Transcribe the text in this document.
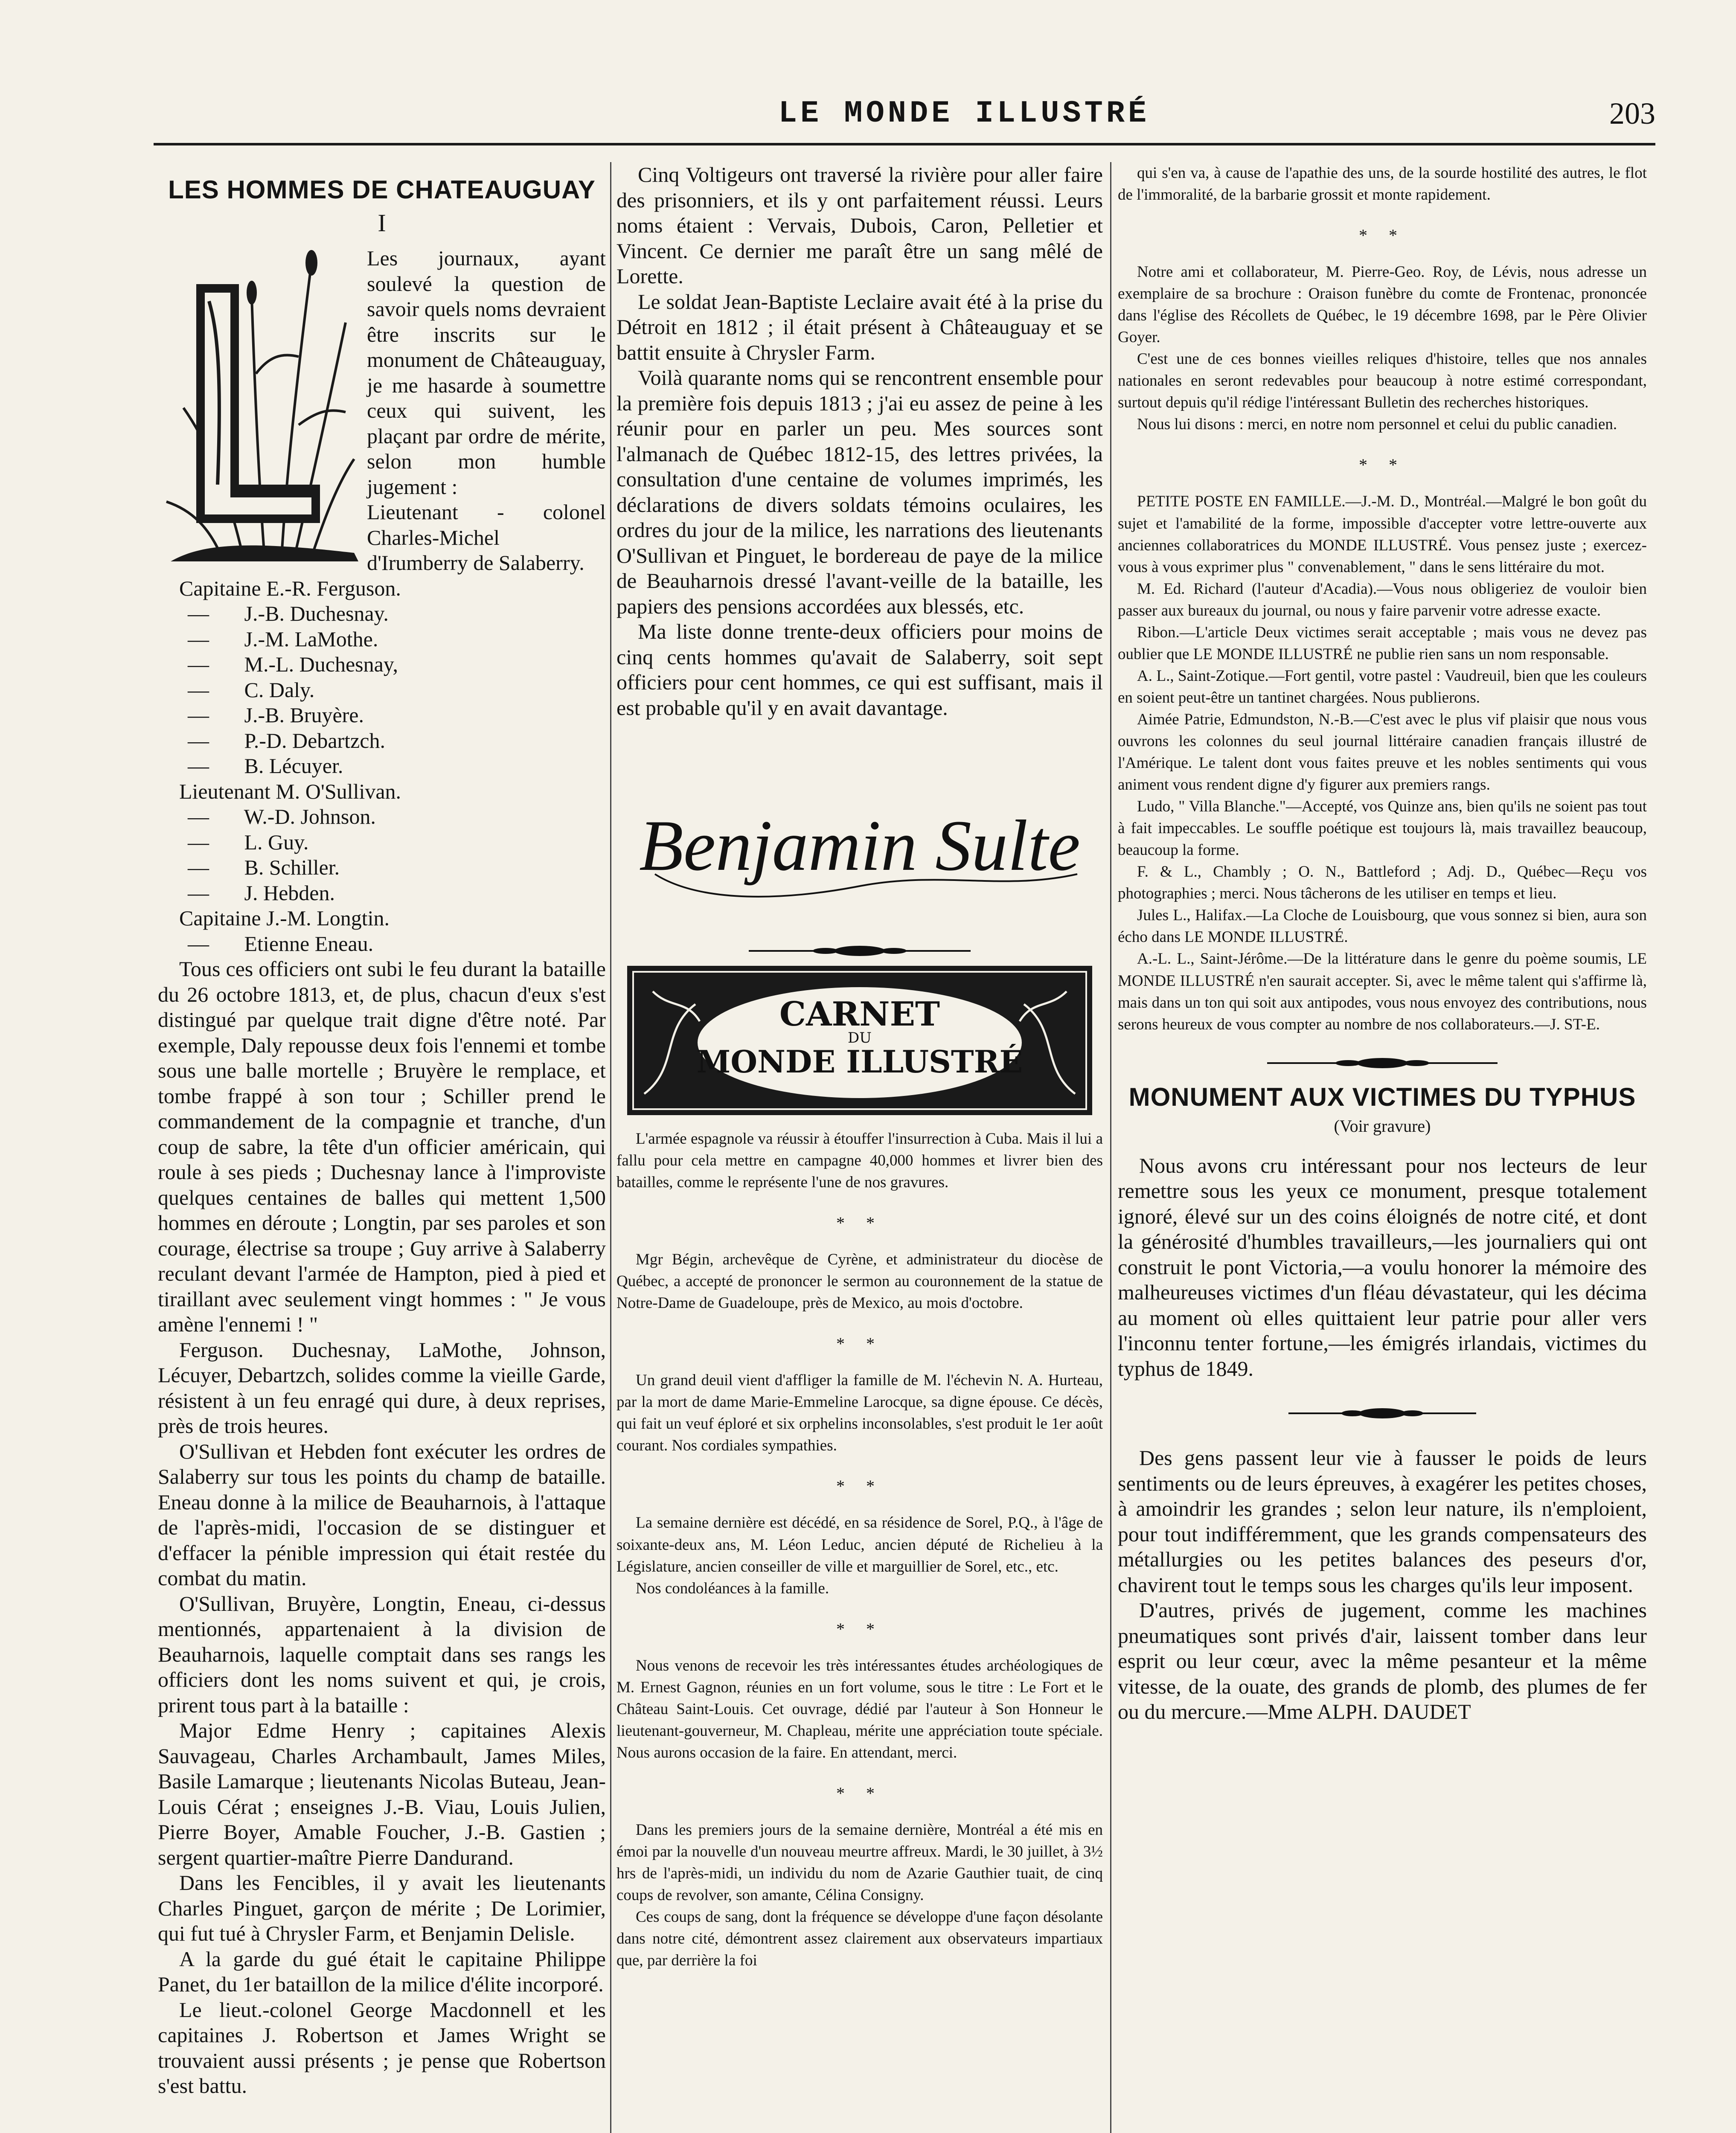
LE MONDE ILLUSTRÉ	203
LES HOMMES DE CHATEAUGUAY
I

Les journaux, ayant soulevé la question de savoir quels noms devraient être inscrits sur le monument de Châteauguay, je me hasarde à soumettre ceux qui suivent, les plaçant par ordre de mérite, selon mon humble jugement :

Lieutenant - colonel Charles-Michel d'Irumberry de Salaberry.
Capitaine E.-R. Ferguson.
— J.-B. Duchesnay.
— J.-M. LaMothe.
— M.-L. Duchesnay,
— C. Daly.
— J.-B. Bruyère.
— P.-D. Debartzch.
— B. Lécuyer.
Lieutenant M. O'Sullivan.
— W.-D. Johnson.
— L. Guy.
— B. Schiller.
— J. Hebden.
Capitaine J.-M. Longtin.
— Etienne Eneau.

Tous ces officiers ont subi le feu durant la bataille du 26 octobre 1813, et, de plus, chacun d'eux s'est distingué par quelque trait digne d'être noté. Par exemple, Daly repousse deux fois l'ennemi et tombe sous une balle mortelle ; Bruyère le remplace, et tombe frappé à son tour ; Schiller prend le commandement de la compagnie et tranche, d'un coup de sabre, la tête d'un officier américain, qui roule à ses pieds ; Duchesnay lance à l'improviste quelques centaines de balles qui mettent 1,500 hommes en déroute ; Longtin, par ses paroles et son courage, électrise sa troupe ; Guy arrive à Salaberry reculant devant l'armée de Hampton, pied à pied et tiraillant avec seulement vingt hommes : " Je vous amène l'ennemi ! "

Ferguson. Duchesnay, LaMothe, Johnson, Lécuyer, Debartzch, solides comme la vieille Garde, résistent à un feu enragé qui dure, à deux reprises, près de trois heures.

O'Sullivan et Hebden font exécuter les ordres de Salaberry sur tous les points du champ de bataille. Eneau donne à la milice de Beauharnois, à l'attaque de l'après-midi, l'occasion de se distinguer et d'effacer la pénible impression qui était restée du combat du matin.

O'Sullivan, Bruyère, Longtin, Eneau, ci-dessus mentionnés, appartenaient à la division de Beauharnois, laquelle comptait dans ses rangs les officiers dont les noms suivent et qui, je crois, prirent tous part à la bataille :

Major Edme Henry ; capitaines Alexis Sauvageau, Charles Archambault, James Miles, Basile Lamarque ; lieutenants Nicolas Buteau, Jean-Louis Cérat ; enseignes J.-B. Viau, Louis Julien, Pierre Boyer, Amable Foucher, J.-B. Gastien ; sergent quartier-maître Pierre Dandurand.

Dans les Fencibles, il y avait les lieutenants Charles Pinguet, garçon de mérite ; De Lorimier, qui fut tué à Chrysler Farm, et Benjamin Delisle.

A la garde du gué était le capitaine Philippe Panet, du 1er bataillon de la milice d'élite incorporé.

Le lieut.-colonel George Macdonnell et les capitaines J. Robertson et James Wright se trouvaient aussi présents ; je pense que Robertson s'est battu.

Cinq Voltigeurs ont traversé la rivière pour aller faire des prisonniers, et ils y ont parfaitement réussi. Leurs noms étaient : Vervais, Dubois, Caron, Pelletier et Vincent. Ce dernier me paraît être un sang mêlé de Lorette.

Le soldat Jean-Baptiste Leclaire avait été à la prise du Détroit en 1812 ; il était présent à Châteauguay et se battit ensuite à Chrysler Farm.

Voilà quarante noms qui se rencontrent ensemble pour la première fois depuis 1813 ; j'ai eu assez de peine à les réunir pour en parler un peu. Mes sources sont l'almanach de Québec 1812-15, des lettres privées, la consultation d'une centaine de volumes imprimés, les déclarations de divers soldats témoins oculaires, les ordres du jour de la milice, les narrations des lieutenants O'Sullivan et Pinguet, le bordereau de paye de la milice de Beauharnois dressé l'avant-veille de la bataille, les papiers des pensions accordées aux blessés, etc.

Ma liste donne trente-deux officiers pour moins de cinq cents hommes qu'avait de Salaberry, soit sept officiers pour cent hommes, ce qui est suffisant, mais il est probable qu'il y en avait davantage.

Benjamin Sulte
CARNET
DU
MONDE ILLUSTRÉ

L'armée espagnole va réussir à étouffer l'insurrection à Cuba. Mais il lui a fallu pour cela mettre en campagne 40,000 hommes et livrer bien des batailles, comme le représente l'une de nos gravures.

* *

Mgr Bégin, archevêque de Cyrène, et administrateur du diocèse de Québec, a accepté de prononcer le sermon au couronnement de la statue de Notre-Dame de Guadeloupe, près de Mexico, au mois d'octobre.

* *

Un grand deuil vient d'affliger la famille de M. l'échevin N. A. Hurteau, par la mort de dame Marie-Emmeline Larocque, sa digne épouse. Ce décès, qui fait un veuf éploré et six orphelins inconsolables, s'est produit le 1er août courant. Nos cordiales sympathies.

* *

La semaine dernière est décédé, en sa résidence de Sorel, P.Q., à l'âge de soixante-deux ans, M. Léon Leduc, ancien député de Richelieu à la Législature, ancien conseiller de ville et marguillier de Sorel, etc., etc.

Nos condoléances à la famille.

* *

Nous venons de recevoir les très intéressantes études archéologiques de M. Ernest Gagnon, réunies en un fort volume, sous le titre : Le Fort et le Château Saint-Louis. Cet ouvrage, dédié par l'auteur à Son Honneur le lieutenant-gouverneur, M. Chapleau, mérite une appréciation toute spéciale. Nous aurons occasion de la faire. En attendant, merci.

* *

Dans les premiers jours de la semaine dernière, Montréal a été mis en émoi par la nouvelle d'un nouveau meurtre affreux. Mardi, le 30 juillet, à 3½ hrs de l'après-midi, un individu du nom de Azarie Gauthier tuait, de cinq coups de revolver, son amante, Célina Consigny.

Ces coups de sang, dont la fréquence se développe d'une façon désolante dans notre cité, démontrent assez clairement aux observateurs impartiaux que, par derrière la foi

qui s'en va, à cause de l'apathie des uns, de la sourde hostilité des autres, le flot de l'immoralité, de la barbarie grossit et monte rapidement.

* *

Notre ami et collaborateur, M. Pierre-Geo. Roy, de Lévis, nous adresse un exemplaire de sa brochure : Oraison funèbre du comte de Frontenac, prononcée dans l'église des Récollets de Québec, le 19 décembre 1698, par le Père Olivier Goyer.

C'est une de ces bonnes vieilles reliques d'histoire, telles que nos annales nationales en seront redevables pour beaucoup à notre estimé correspondant, surtout depuis qu'il rédige l'intéressant Bulletin des recherches historiques.

Nous lui disons : merci, en notre nom personnel et celui du public canadien.

* *

PETITE POSTE EN FAMILLE.—J.-M. D., Montréal.—Malgré le bon goût du sujet et l'amabilité de la forme, impossible d'accepter votre lettre-ouverte aux anciennes collaboratrices du MONDE ILLUSTRÉ. Vous pensez juste ; exercez-vous à vous exprimer plus " convenablement, " dans le sens littéraire du mot.

M. Ed. Richard (l'auteur d'Acadia).—Vous nous obligeriez de vouloir bien passer aux bureaux du journal, ou nous y faire parvenir votre adresse exacte.

Ribon.—L'article Deux victimes serait acceptable ; mais vous ne devez pas oublier que LE MONDE ILLUSTRÉ ne publie rien sans un nom responsable.

A. L., Saint-Zotique.—Fort gentil, votre pastel : Vaudreuil, bien que les couleurs en soient peut-être un tantinet chargées. Nous publierons.

Aimée Patrie, Edmundston, N.-B.—C'est avec le plus vif plaisir que nous vous ouvrons les colonnes du seul journal littéraire canadien français illustré de l'Amérique. Le talent dont vous faites preuve et les nobles sentiments qui vous animent vous rendent digne d'y figurer aux premiers rangs.

Ludo, " Villa Blanche."—Accepté, vos Quinze ans, bien qu'ils ne soient pas tout à fait impeccables. Le souffle poétique est toujours là, mais travaillez beaucoup, beaucoup la forme.

F. & L., Chambly ; O. N., Battleford ; Adj. D., Québec—Reçu vos photographies ; merci. Nous tâcherons de les utiliser en temps et lieu.

Jules L., Halifax.—La Cloche de Louisbourg, que vous sonnez si bien, aura son écho dans LE MONDE ILLUSTRÉ.

A.-L. L., Saint-Jérôme.—De la littérature dans le genre du poème soumis, LE MONDE ILLUSTRÉ n'en saurait accepter. Si, avec le même talent qui s'affirme là, mais dans un ton qui soit aux antipodes, vous nous envoyez des contributions, nous serons heureux de vous compter au nombre de nos collaborateurs.—J. ST-E.

MONUMENT AUX VICTIMES DU TYPHUS
(Voir gravure)

Nous avons cru intéressant pour nos lecteurs de leur remettre sous les yeux ce monument, presque totalement ignoré, élevé sur un des coins éloignés de notre cité, et dont la générosité d'humbles travailleurs,—les journaliers qui ont construit le pont Victoria,—a voulu honorer la mémoire des malheureuses victimes d'un fléau dévastateur, qui les décima au moment où elles quittaient leur patrie pour aller vers l'inconnu tenter fortune,—les émigrés irlandais, victimes du typhus de 1849.

Des gens passent leur vie à fausser le poids de leurs sentiments ou de leurs épreuves, à exagérer les petites choses, à amoindrir les grandes ; selon leur nature, ils n'emploient, pour tout indifféremment, que les grands compensateurs des métallurgies ou les petites balances des peseurs d'or, chavirent tout le temps sous les charges qu'ils leur imposent.

D'autres, privés de jugement, comme les machines pneumatiques sont privés d'air, laissent tomber dans leur esprit ou leur cœur, avec la même pesanteur et la même vitesse, de la ouate, des grands de plomb, des plumes de fer ou du mercure.—Mme ALPH. DAUDET
